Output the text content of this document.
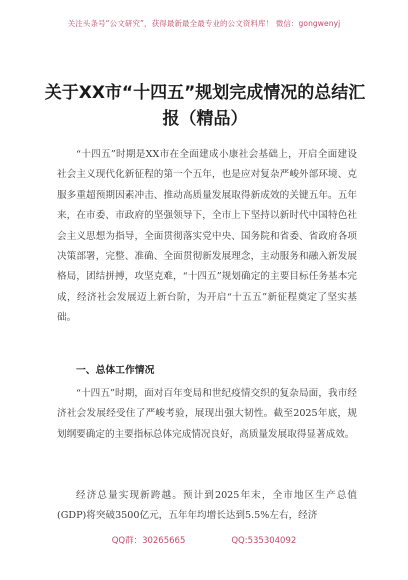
关注头条号“公文研究”，获得最新最全最专业的公文资料库！ 微信：gongwenyj
关于XX市“十四五”规划完成情况的总结汇报（精品）
“十四五”时期是XX市在全面建成小康社会基础上，开启全面建设社会主义现代化新征程的第一个五年，也是应对复杂严峻外部环境、克服多重超预期因素冲击、推动高质量发展取得新成效的关键五年。五年来，在市委、市政府的坚强领导下，全市上下坚持以新时代中国特色社会主义思想为指导，全面贯彻落实党中央、国务院和省委、省政府各项决策部署，完整、准确、全面贯彻新发展理念，主动服务和融入新发展格局，团结拼搏，攻坚克难，“十四五”规划确定的主要目标任务基本完成，经济社会发展迈上新台阶，为开启“十五五”新征程奠定了坚实基础。
一、总体工作情况
“十四五”时期，面对百年变局和世纪疫情交织的复杂局面，我市经济社会发展经受住了严峻考验，展现出强大韧性。截至2025年底，规划纲要确定的主要指标总体完成情况良好，高质量发展取得显著成效。
经济总量实现新跨越。预计到2025年末，全市地区生产总值(GDP)将突破3500亿元，五年年均增长达到5.5%左右，经济
QQ群：30265665	QQ:535304092
